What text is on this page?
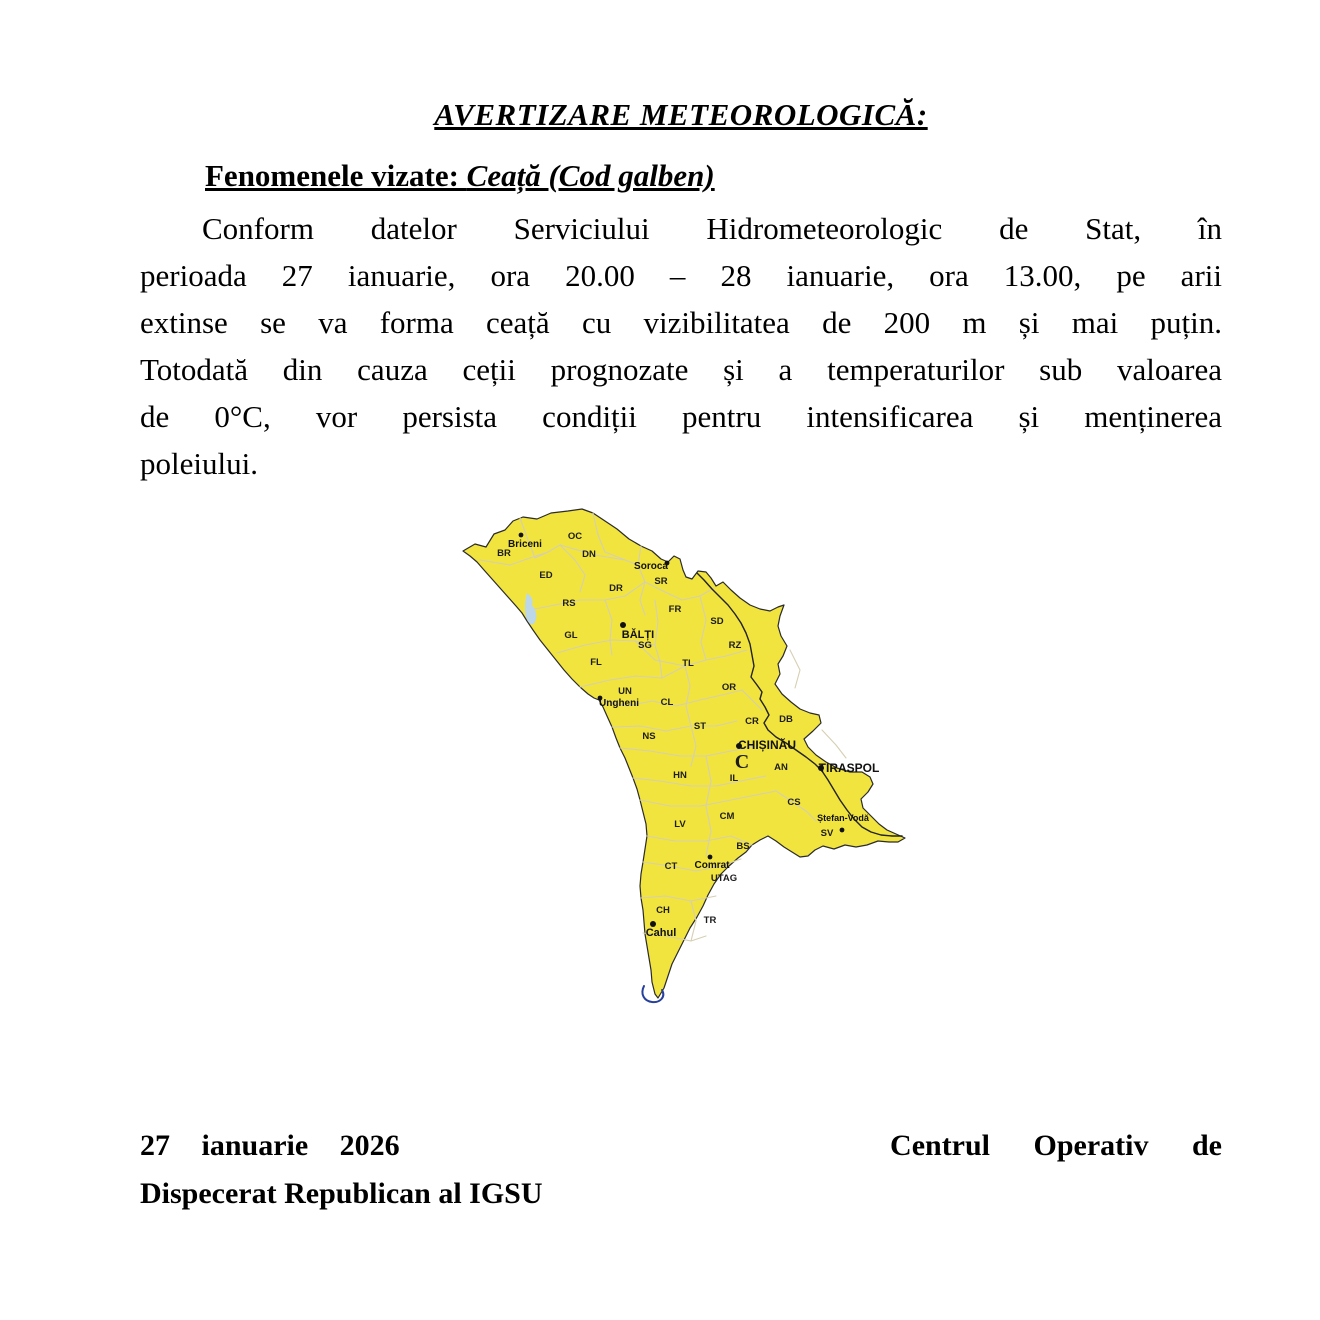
AVERTIZARE METEOROLOGICĂ:
Fenomenele vizate: Ceață (Cod galben)
Conform datelor Serviciului Hidrometeorologic de Stat, în
perioada 27 ianuarie, ora 20.00 – 28 ianuarie, ora 13.00, pe arii
extinse se va forma ceață cu vizibilitatea de 200 m și mai puțin.
Totodată din cauza ceții prognozate și a temperaturilor sub valoarea
de 0°C, vor persista condiții pentru intensificarea și menținerea
poleiului.
OC
BR	DN
ED
SR
DR
RS
FR
SD
GL
SG	RZ
FL	TL
UN	OR
CL
ST	CR DB
NS
AN
HN	IL
CS
CM
LV
SV
BS
CT
UTAG
CH
TR
C
Briceni
Soroca
BĂLȚI
Ungheni
CHIȘINĂU
TIRASPOL
Ștefan-Vodă
Comrat
Cahul
27 ianuarie 2026	Centrul Operativ de
Dispecerat Republican al IGSU
